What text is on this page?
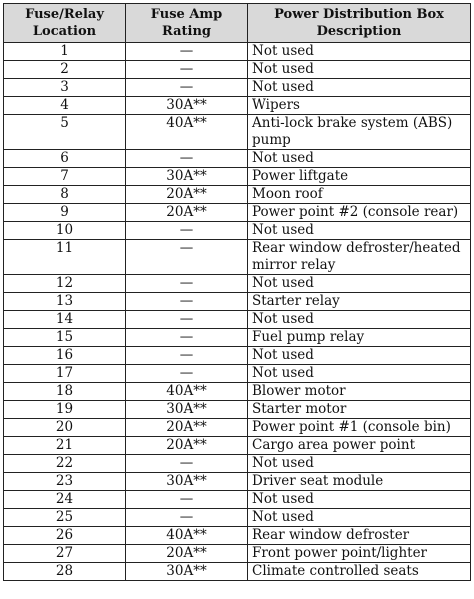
Fuse/Relay Location	Fuse Amp Rating	Power Distribution Box Description
1	—	Not used
2	—	Not used
3	—	Not used
4	30A**	Wipers
5	40A**	Anti-lock brake system (ABS) pump
6	—	Not used
7	30A**	Power liftgate
8	20A**	Moon roof
9	20A**	Power point #2 (console rear)
10	—	Not used
11	—	Rear window defroster/heated mirror relay
12	—	Not used
13	—	Starter relay
14	—	Not used
15	—	Fuel pump relay
16	—	Not used
17	—	Not used
18	40A**	Blower motor
19	30A**	Starter motor
20	20A**	Power point #1 (console bin)
21	20A**	Cargo area power point
22	—	Not used
23	30A**	Driver seat module
24	—	Not used
25	—	Not used
26	40A**	Rear window defroster
27	20A**	Front power point/lighter
28	30A**	Climate controlled seats
